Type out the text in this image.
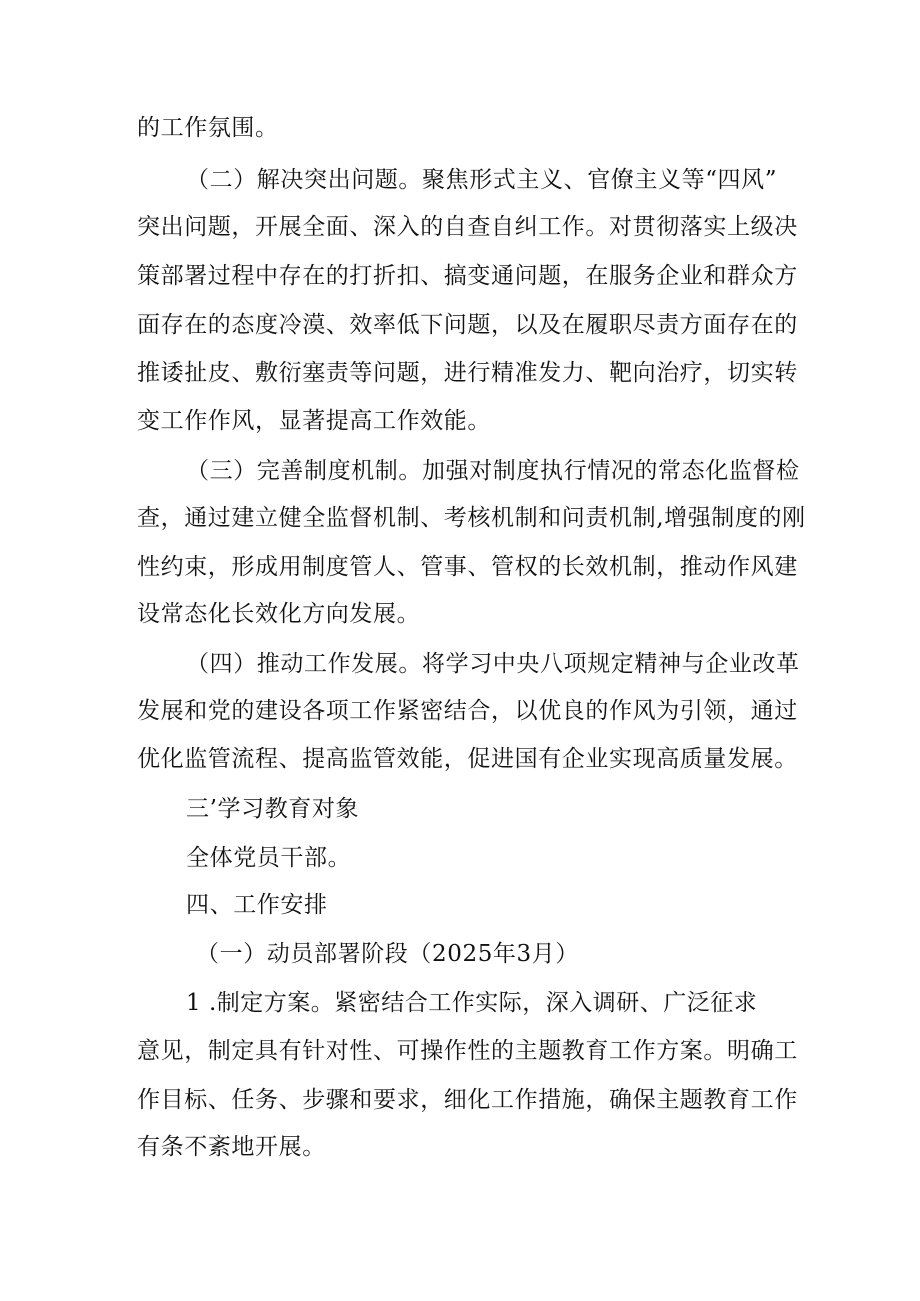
的工作氛围。
（二）解决突出问题。聚焦形式主义、官僚主义等“四风”
突出问题，开展全面、深入的自查自纠工作。对贯彻落实上级决
策部署过程中存在的打折扣、搞变通问题，在服务企业和群众方
面存在的态度冷漠、效率低下问题，以及在履职尽责方面存在的
推诿扯皮、敷衍塞责等问题，进行精准发力、靶向治疗，切实转
变工作作风，显著提高工作效能。
（三）完善制度机制。加强对制度执行情况的常态化监督检
查，通过建立健全监督机制、考核机制和问责机制,增强制度的刚
性约束，形成用制度管人、管事、管权的长效机制，推动作风建
设常态化长效化方向发展。
（四）推动工作发展。将学习中央八项规定精神与企业改革
发展和党的建设各项工作紧密结合，以优良的作风为引领，通过
优化监管流程、提高监管效能，促进国有企业实现高质量发展。
三’学习教育对象
全体党员干部。
四、工作安排
（一）动员部署阶段（2025年3月）
1 .制定方案。紧密结合工作实际，深入调研、广泛征求
意见，制定具有针对性、可操作性的主题教育工作方案。明确工
作目标、任务、步骤和要求，细化工作措施，确保主题教育工作
有条不紊地开展。
